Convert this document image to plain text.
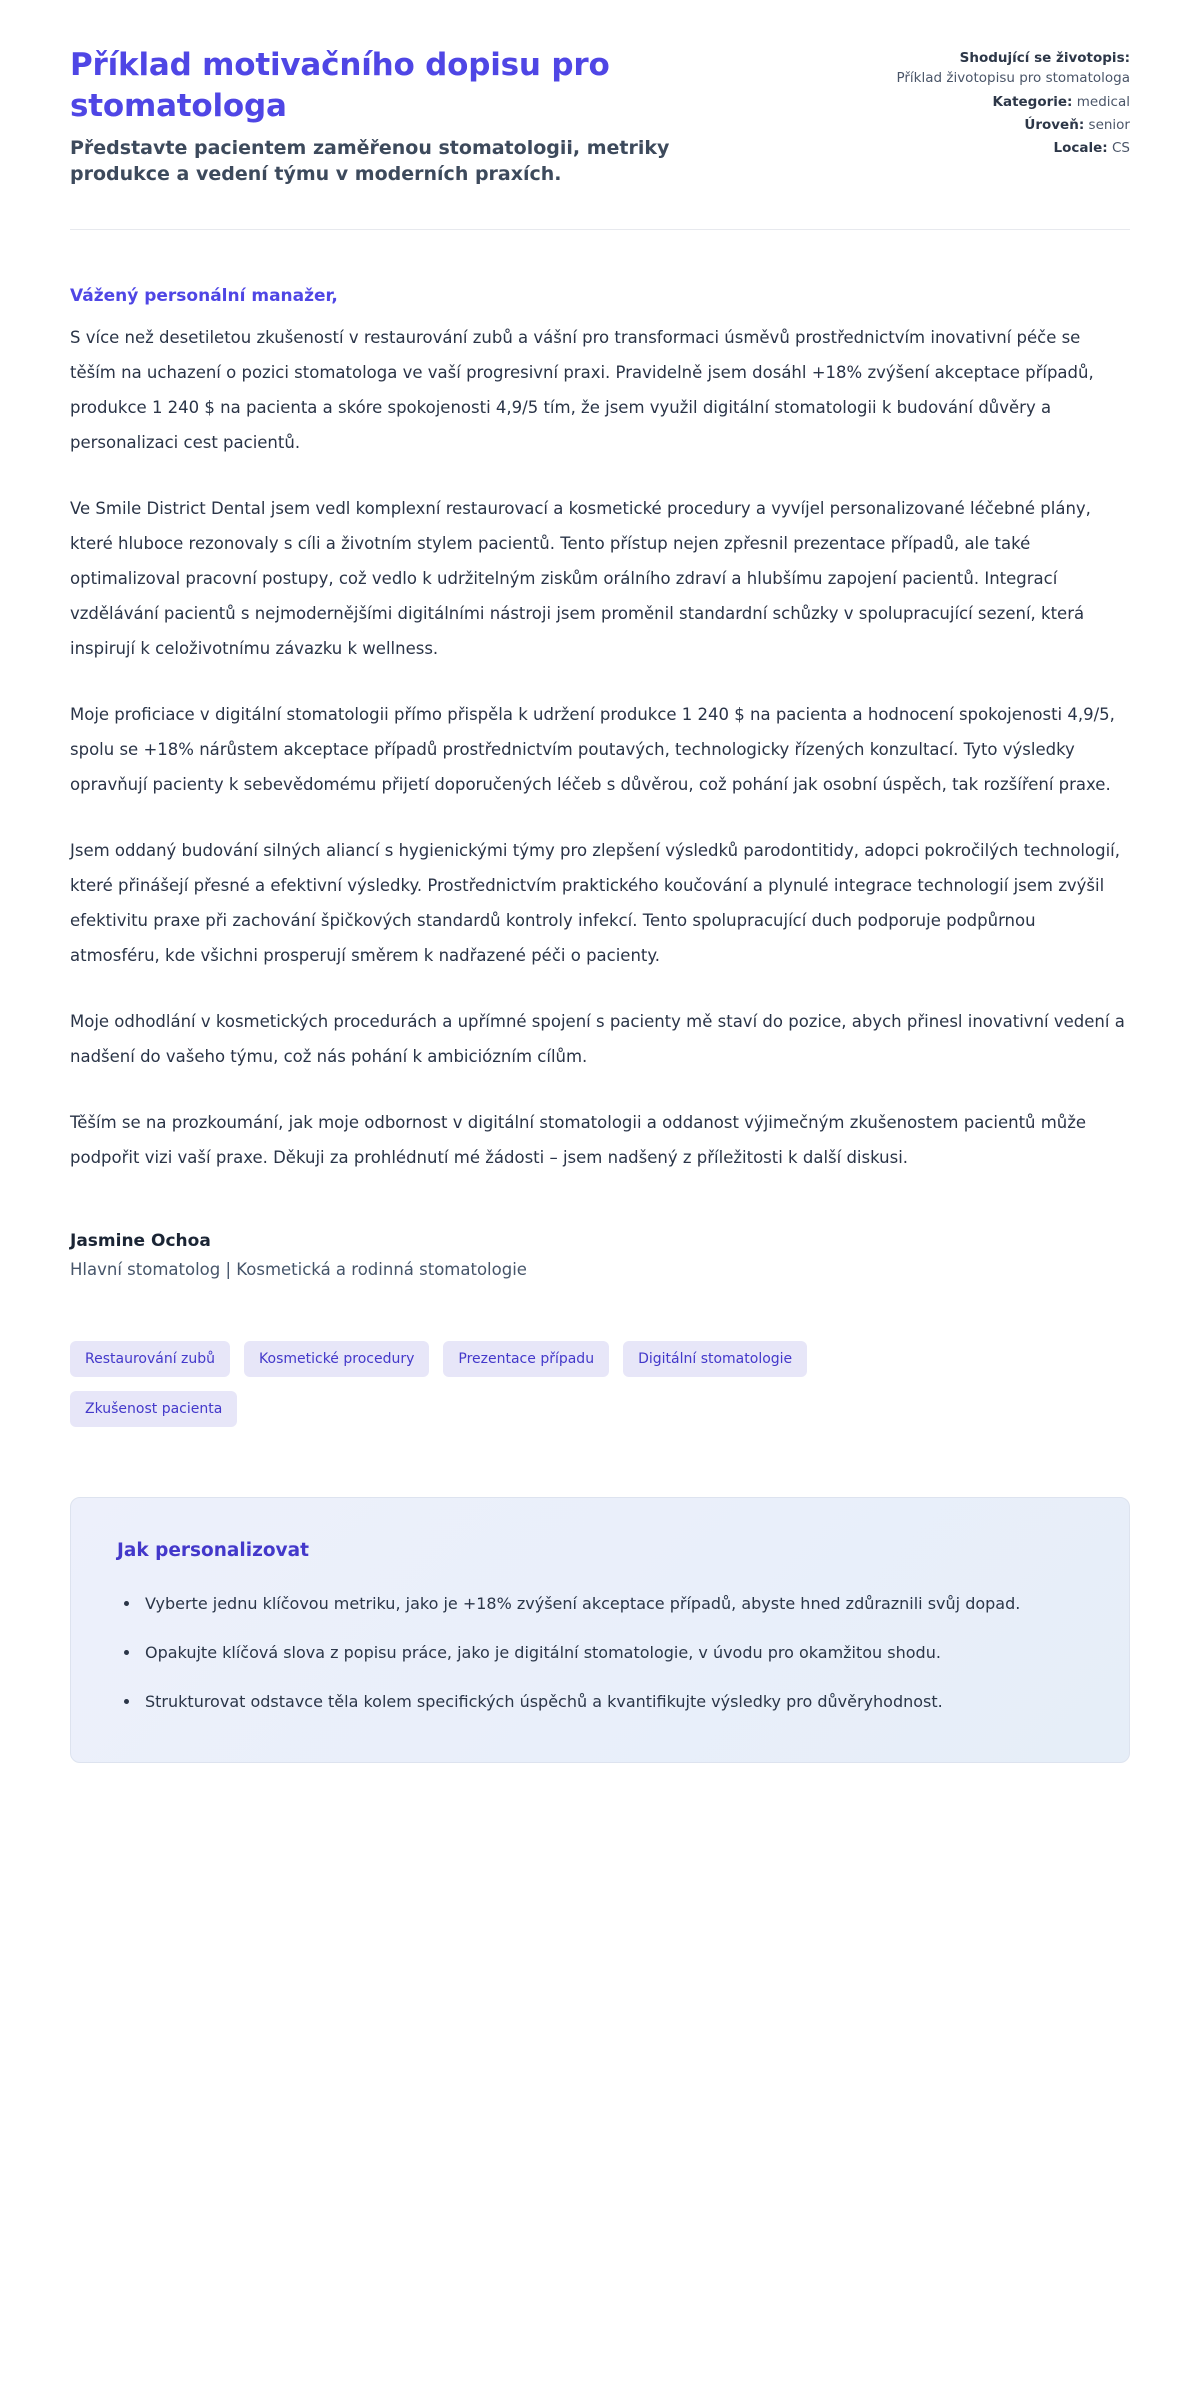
Příklad motivačního dopisu pro stomatologa

Představte pacientem zaměřenou stomatologii, metriky produkce a vedení týmu v moderních praxích.

Shodující se životopis:
Příklad životopisu pro stomatologa
Kategorie: medical
Úroveň: senior
Locale: CS

Vážený personální manažer,

S více než desetiletou zkušeností v restaurování zubů a vášní pro transformaci úsměvů prostřednictvím inovativní péče se těším na uchazení o pozici stomatologa ve vaší progresivní praxi. Pravidelně jsem dosáhl +18% zvýšení akceptace případů, produkce 1 240 $ na pacienta a skóre spokojenosti 4,9/5 tím, že jsem využil digitální stomatologii k budování důvěry a personalizaci cest pacientů.

Ve Smile District Dental jsem vedl komplexní restaurovací a kosmetické procedury a vyvíjel personalizované léčebné plány, které hluboce rezonovaly s cíli a životním stylem pacientů. Tento přístup nejen zpřesnil prezentace případů, ale také optimalizoval pracovní postupy, což vedlo k udržitelným ziskům orálního zdraví a hlubšímu zapojení pacientů. Integrací vzdělávání pacientů s nejmodernějšími digitálními nástroji jsem proměnil standardní schůzky v spolupracující sezení, která inspirují k celoživotnímu závazku k wellness.

Moje proficiace v digitální stomatologii přímo přispěla k udržení produkce 1 240 $ na pacienta a hodnocení spokojenosti 4,9/5, spolu se +18% nárůstem akceptace případů prostřednictvím poutavých, technologicky řízených konzultací. Tyto výsledky opravňují pacienty k sebevědomému přijetí doporučených léčeb s důvěrou, což pohání jak osobní úspěch, tak rozšíření praxe.

Jsem oddaný budování silných aliancí s hygienickými týmy pro zlepšení výsledků parodontitidy, adopci pokročilých technologií, které přinášejí přesné a efektivní výsledky. Prostřednictvím praktického koučování a plynulé integrace technologií jsem zvýšil efektivitu praxe při zachování špičkových standardů kontroly infekcí. Tento spolupracující duch podporuje podpůrnou atmosféru, kde všichni prosperují směrem k nadřazené péči o pacienty.

Moje odhodlání v kosmetických procedurách a upřímné spojení s pacienty mě staví do pozice, abych přinesl inovativní vedení a nadšení do vašeho týmu, což nás pohání k ambiciózním cílům.

Těším se na prozkoumání, jak moje odbornost v digitální stomatologii a oddanost výjimečným zkušenostem pacientů může podpořit vizi vaší praxe. Děkuji za prohlédnutí mé žádosti – jsem nadšený z příležitosti k další diskusi.

Jasmine Ochoa

Hlavní stomatolog | Kosmetická a rodinná stomatologie

Restaurování zubů	Kosmetické procedury	Prezentace případu	Digitální stomatologie
Zkušenost pacienta
Jak personalizovat
• Vyberte jednu klíčovou metriku, jako je +18% zvýšení akceptace případů, abyste hned zdůraznili svůj dopad.
• Opakujte klíčová slova z popisu práce, jako je digitální stomatologie, v úvodu pro okamžitou shodu.
• Strukturovat odstavce těla kolem specifických úspěchů a kvantifikujte výsledky pro důvěryhodnost.
